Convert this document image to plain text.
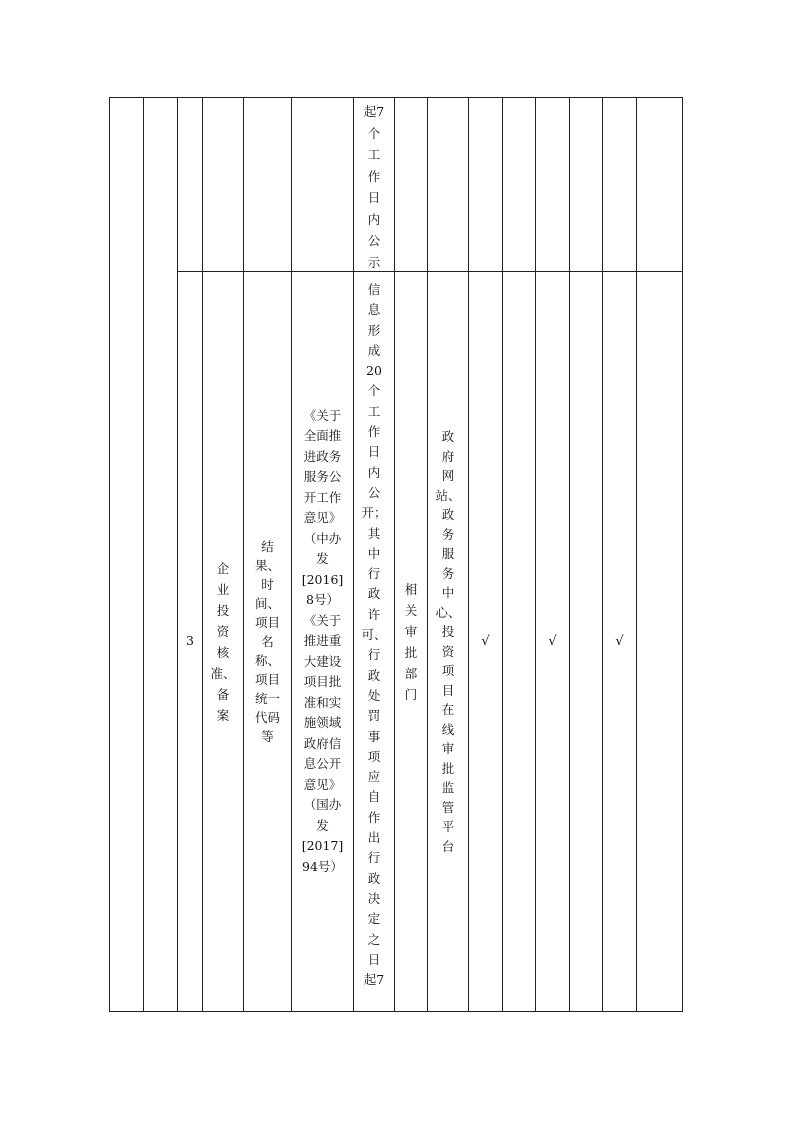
起7
个
工
作
日
内
公
示
3
企
业
投
资
核
准、
备
案
结
果、
时
间、
项目
名
称、
项目
统一
代码
等
《关于
全面推
进政务
服务公
开工作
意见》
（中办
发
[2016]
8号）
《关于
推进重
大建设
项目批
准和实
施领域
政府信
息公开
意见》
（国办
发
[2017]
94号）
信
息
形
成
20
个
工
作
日
内
公
开；
其
中
行
政
许
可、
行
政
处
罚
事
项
应
自
作
出
行
政
决
定
之
日
起7
相
关
审
批
部
门
政
府
网
站、
政
务
服
务
中
心、
投
资
项
目
在
线
审
批
监
管
平
台
√	√	√
